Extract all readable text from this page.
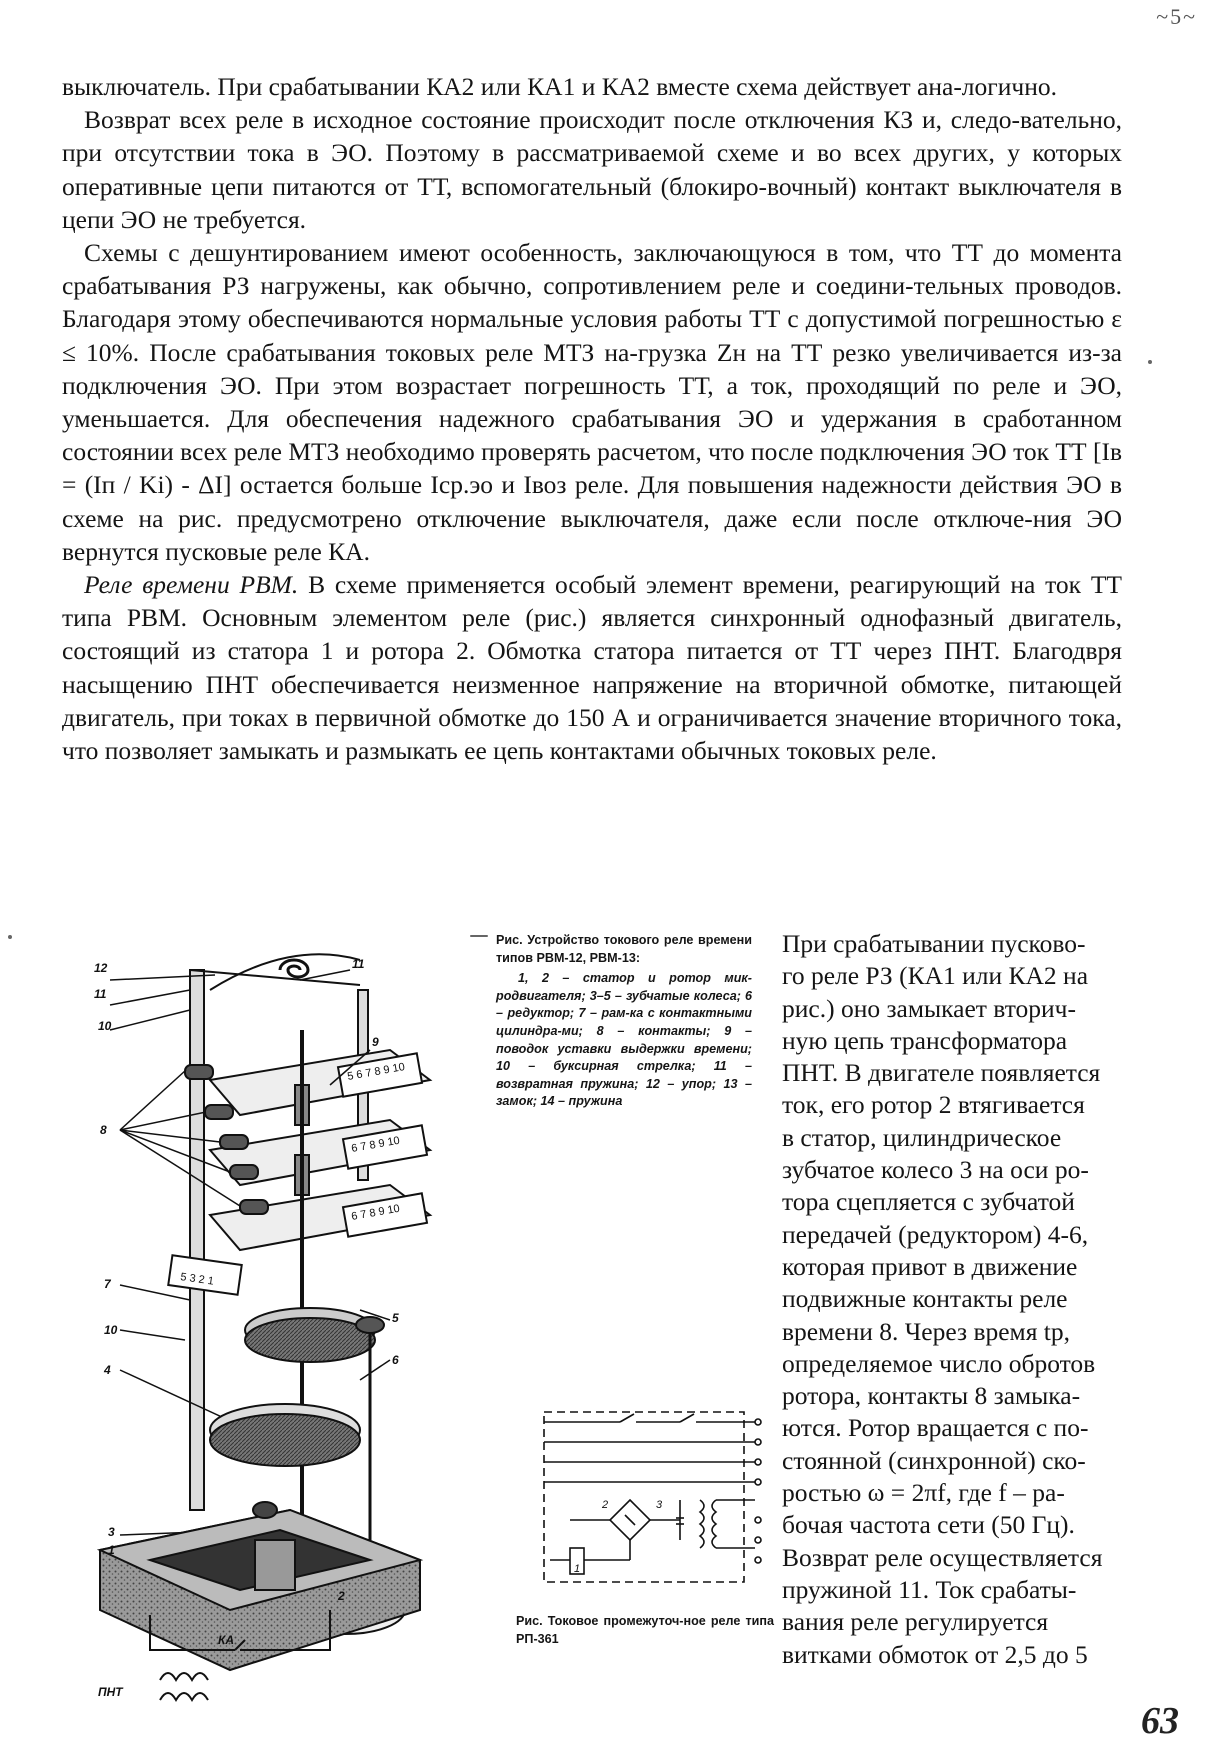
~5~

выключатель. При срабатывании КА2 или КА1 и КА2 вместе схема действует ана-логично.

Возврат всех реле в исходное состояние происходит после отключения КЗ и, следо-вательно, при отсутствии тока в ЭО. Поэтому в рассматриваемой схеме и во всех других, у которых оперативные цепи питаются от ТТ, вспомогательный (блокиро-вочный) контакт выключателя в цепи ЭО не требуется.

Схемы с дешунтированием имеют особенность, заключающуюся в том, что ТТ до момента срабатывания РЗ нагружены, как обычно, сопротивлением реле и соедини-тельных проводов. Благодаря этому обеспечиваются нормальные условия работы ТТ с допустимой погрешностью ε ≤ 10%. После срабатывания токовых реле МТЗ на-грузка Zн на ТТ резко увеличивается из-за подключения ЭО. При этом возрастает погрешность ТТ, а ток, проходящий по реле и ЭО, уменьшается. Для обеспечения надежного срабатывания ЭО и удержания в сработанном состоянии всех реле МТЗ необходимо проверять расчетом, что после подключения ЭО ток ТТ [Iв = (Iп / Ki) - ΔI] остается больше Icp.эо и Iвоз реле. Для повышения надежности действия ЭО в схеме на рис. предусмотрено отключение выключателя, даже если после отключе-ния ЭО вернутся пусковые реле КА.

Реле времени РВМ. В схеме применяется особый элемент времени, реагирующий на ток ТТ типа РВМ. Основным элементом реле (рис.) является синхронный однофазный двигатель, состоящий из статора 1 и ротора 2. Обмотка статора питается от ТТ через ПНТ. Благодвря насыщению ПНТ обеспечивается неизменное напряжение на вторичной обмотке, питающей двигатель, при токах в первичной обмотке до 150 А и ограничивается значение вторичного тока, что позволяет замыкать и размыкать ее цепь контактами обычных токовых реле.

12
11
11
10
9
8
7
10
5
4
6
3
1
2
ПНТ
КА
5 6 7 8 9 10
6 7 8 9 10
6 7 8 9 10
5 3 2 1
Рис. Устройство токового реле времени типов РВМ-12, РВМ-13:
1, 2 – статор и ротор мик-родвигателя; 3–5 – зубчатые колеса; 6 – редуктор; 7 – рам-ка с контактными цилиндра-ми; 8 – контакты; 9 – поводок уставки выдержки времени; 10 – буксирная стрелка; 11 – возвратная пружина; 12 – упор; 13 – замок; 14 – пружина
1
2	3
Рис. Токовое промежуточ-ное реле типа РП-361
При срабатывании пусково-
го реле РЗ (КА1 или КА2 на
рис.) оно замыкает вторич-
ную цепь трансформатора
ПНТ. В двигателе появляется
ток, его ротор 2 втягивается
в статор, цилиндрическое
зубчатое колесо 3 на оси ро-
тора сцепляется с зубчатой
передачей (редуктором) 4-6,
которая привот в движение
подвижные контакты реле
времени 8. Через время tр,
определяемое число обротов
ротора, контакты 8 замыка-
ются. Ротор вращается с по-
стоянной (синхронной) ско-
ростью ω = 2πf, где f – ра-
бочая частота сети (50 Гц).
Возврат реле осуществляется
пружиной 11. Ток срабаты-
вания реле регулируется
витками обмоток от 2,5 до 5
63
